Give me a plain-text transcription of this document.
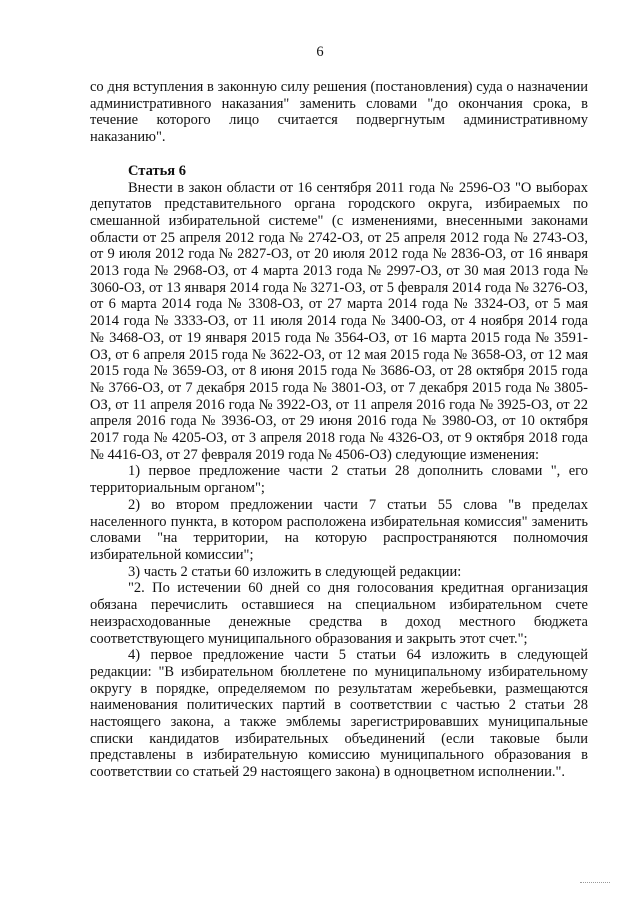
6

со дня вступления в законную силу решения (постановления) суда о назначении административного наказания" заменить словами "до окончания срока, в течение которого лицо считается подвергнутым административному наказанию".

Статья 6

Внести в закон области от 16 сентября 2011 года № 2596-ОЗ "О выборах депутатов представительного органа городского округа, избираемых по смешанной избирательной системе" (с изменениями, внесенными законами области от 25 апреля 2012 года № 2742-ОЗ, от 25 апреля 2012 года № 2743-ОЗ, от 9 июля 2012 года № 2827-ОЗ, от 20 июля 2012 года № 2836-ОЗ, от 16 января 2013 года № 2968-ОЗ, от 4 марта 2013 года № 2997-ОЗ, от 30 мая 2013 года № 3060-ОЗ, от 13 января 2014 года № 3271-ОЗ, от 5 февраля 2014 года № 3276-ОЗ, от 6 марта 2014 года № 3308-ОЗ, от 27 марта 2014 года № 3324-ОЗ, от 5 мая 2014 года № 3333-ОЗ, от 11 июля 2014 года № 3400-ОЗ, от 4 ноября 2014 года № 3468-ОЗ, от 19 января 2015 года № 3564-ОЗ, от 16 марта 2015 года № 3591-ОЗ, от 6 апреля 2015 года № 3622-ОЗ, от 12 мая 2015 года № 3658-ОЗ, от 12 мая 2015 года № 3659-ОЗ, от 8 июня 2015 года № 3686-ОЗ, от 28 октября 2015 года № 3766-ОЗ, от 7 декабря 2015 года № 3801-ОЗ, от 7 декабря 2015 года № 3805-ОЗ, от 11 апреля 2016 года № 3922-ОЗ, от 11 апреля 2016 года № 3925-ОЗ, от 22 апреля 2016 года № 3936-ОЗ, от 29 июня 2016 года № 3980-ОЗ, от 10 октября 2017 года № 4205-ОЗ, от 3 апреля 2018 года № 4326-ОЗ, от 9 октября 2018 года № 4416-ОЗ, от 27 февраля 2019 года № 4506-ОЗ) следующие изменения:

1) первое предложение части 2 статьи 28 дополнить словами ", его территориальным органом";

2) во втором предложении части 7 статьи 55 слова "в пределах населенного пункта, в котором расположена избирательная комиссия" заменить словами "на территории, на которую распространяются полномочия избирательной комиссии";

3) часть 2 статьи 60 изложить в следующей редакции:

"2. По истечении 60 дней со дня голосования кредитная организация обязана перечислить оставшиеся на специальном избирательном счете неизрасходованные денежные средства в доход местного бюджета соответствующего муниципального образования и закрыть этот счет.";

4) первое предложение части 5 статьи 64 изложить в следующей редакции: "В избирательном бюллетене по муниципальному избирательному округу в порядке, определяемом по результатам жеребьевки, размещаются наименования политических партий в соответствии с частью 2 статьи 28 настоящего закона, а также эмблемы зарегистрировавших муниципальные списки кандидатов избирательных объединений (если таковые были представлены в избирательную комиссию муниципального образования в соответствии со статьей 29 настоящего закона) в одноцветном исполнении.".
